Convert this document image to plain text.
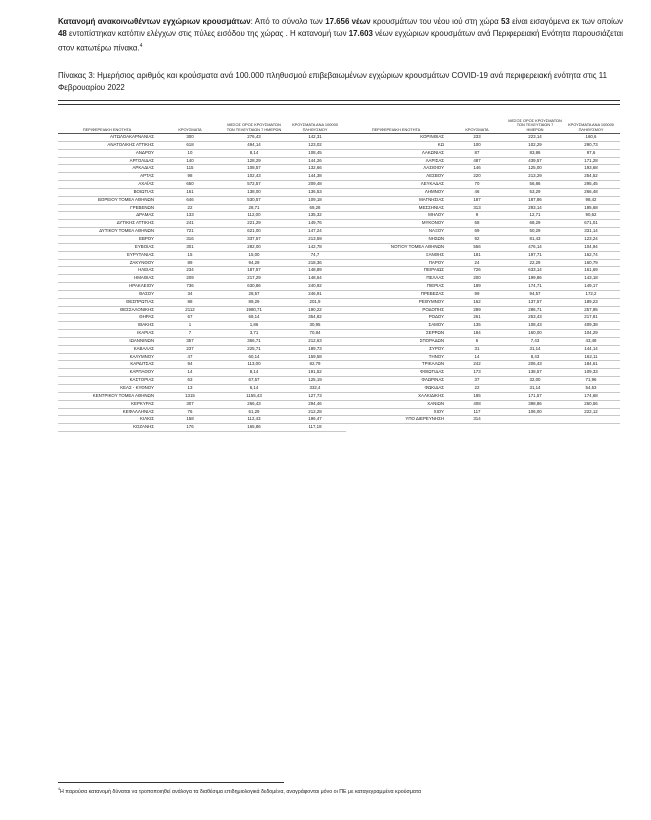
Κατανομή ανακοινωθέντων εγχώριων κρουσμάτων: Από το σύνολο των 17.656 νέων κρουσμάτων του νέου ιού στη χώρα 53 είναι εισαγόμενα εκ των οποίων 48 εντοπίστηκαν κατόπιν ελέγχων στις πύλες εισόδου της χώρας . Η κατανομή των 17.603 νέων εγχώριων κρουσμάτων ανά Περιφερειακή Ενότητα παρουσιάζεται στον κατωτέρω πίνακα.$^4$
Πίνακας 3: Ημερήσιος αριθμός και κρούσματα ανά 100.000 πληθυσμού επιβεβαιωμένων εγχώριων κρουσμάτων COVID-19 ανά περιφερειακή ενότητα στις 11 Φεβρουαρίου 2022
ΠΕΡΙΦΕΡΕΙΑΚΗ ΕΝΟΤΗΤΑ	ΚΡΟΥΣΜΑΤΑ	ΜΕΣΟΣ ΟΡΟΣ ΚΡΟΥΣΜΑΤΩΝ ΤΩΝ ΤΕΛΕΥΤΑΙΩΝ 7 ΗΜΕΡΩΝ	ΚΡΟΥΣΜΑΤΑ ΑΝΑ 100000 ΠΛΗΘΥΣΜΟΥ	ΠΕΡΙΦΕΡΕΙΑΚΗ ΕΝΟΤΗΤΑ	ΚΡΟΥΣΜΑΤΑ	ΜΕΣΟΣ ΟΡΟΣ ΚΡΟΥΣΜΑΤΩΝ ΤΩΝ ΤΕΛΕΥΤΑΙΩΝ 7 ΗΜΕΡΩΝ	ΚΡΟΥΣΜΑΤΑ ΑΝΑ 100000 ΠΛΗΘΥΣΜΟΥ
ΑΙΤΩΛΟΑΚΑΡΝΑΝΙΑΣ	300	276,43	142,31	ΚΟΡΙΝΘΙΑΣ	233	223,14	160,6
ΑΝΑΤΟΛΙΚΗΣ ΑΤΤΙΚΗΣ	618	494,14	123,02	ΚΩ	100	102,29	290,73
ΑΝΔΡΟΥ	10	8,14	108,45	ΛΑΚΩΝΙΑΣ	87	83,86	97,6
ΑΡΓΟΛΙΔΑΣ	140	128,29	144,26	ΛΑΡΙΣΑΣ	487	439,57	171,28
ΑΡΚΑΔΙΑΣ	115	108,57	132,66	ΛΑΣΙΘΙΟΥ	146	125,00	193,68
ΑΡΤΑΣ	98	102,43	144,38	ΛΕΣΒΟΥ	220	213,29	254,52
ΑΧΑΪΑΣ	650	572,57	209,48	ΛΕΥΚΑΔΑΣ	70	56,86	295,45
ΒΟΙΩΤΙΑΣ	161	138,00	136,53	ΛΗΜΝΟΥ	46	53,29	266,48
ΒΟΡΕΙΟΥ ΤΟΜΕΑ ΑΘΗΝΩΝ	646	530,57	109,18	ΜΑΓΝΗΣΙΑΣ	187	187,86	98,42
ΓΡΕΒΕΝΩΝ	22	28,71	69,28	ΜΕΣΣΗΝΙΑΣ	313	293,14	195,68
ΔΡΑΜΑΣ	133	112,00	135,32	ΜΗΛΟΥ	9	12,71	90,62
ΔΥΤΙΚΗΣ ΑΤΤΙΚΗΣ	241	221,29	149,76	ΜΥΚΟΝΟΥ	68	68,29	671,01
ΔΥΤΙΚΟΥ ΤΟΜΕΑ ΑΘΗΝΩΝ	721	621,00	147,24	ΝΑΞΟΥ	69	50,29	331,14
ΕΒΡΟΥ	316	337,57	213,59	ΝΗΣΩΝ	92	81,43	123,24
ΕΥΒΟΙΑΣ	301	282,00	142,78	ΝΟΤΙΟΥ ΤΟΜΕΑ ΑΘΗΝΩΝ	556	476,14	104,94
ΕΥΡΥΤΑΝΙΑΣ	15	15,00	74,7	ΞΑΝΘΗΣ	181	197,71	162,74
ΖΑΚΥΝΘΟΥ	89	94,29	218,36	ΠΑΡΟΥ	24	22,29	160,79
ΗΛΕΙΑΣ	234	187,57	148,89	ΠΕΙΡΑΙΩΣ	726	633,14	161,69
ΗΜΑΘΙΑΣ	209	217,29	148,64	ΠΕΛΛΑΣ	200	199,86	143,18
ΗΡΑΚΛΕΙΟΥ	736	630,86	240,92	ΠΙΕΡΙΑΣ	189	174,71	149,17
ΘΑΣΟΥ	34	28,57	246,91	ΠΡΕΒΕΖΑΣ	99	94,57	172,2
ΘΕΣΠΡΩΤΙΑΣ	88	89,29	201,9	ΡΕΘΥΜΝΟΥ	162	137,57	189,23
ΘΕΣΣΑΛΟΝΙΚΗΣ	2112	1980,71	190,22	ΡΟΔΟΠΗΣ	289	286,71	257,95
ΘΗΡΑΣ	67	69,14	354,82	ΡΟΔΟΥ	261	253,43	217,81
ΙΘΑΚΗΣ	1	1,86	30,95	ΣΑΜΟΥ	135	108,43	409,38
ΙΚΑΡΙΑΣ	7	3,71	70,84	ΣΕΡΡΩΝ	184	160,00	104,29
ΙΩΑΝΝΙΝΩΝ	357	366,71	212,63	ΣΠΟΡΑΔΩΝ	6	7,43	43,48
ΚΑΒΑΛΑΣ	237	225,71	189,73	ΣΥΡΟΥ	31	31,14	144,14
ΚΑΛΥΜΝΟΥ	47	60,14	159,58	ΤΗΝΟΥ	14	8,43	162,11
ΚΑΡΔΙΤΣΑΣ	94	113,00	82,79	ΤΡΙΚΑΛΩΝ	242	206,43	184,61
ΚΑΡΠΑΘΟΥ	14	8,14	191,52	ΦΘΙΩΤΙΔΑΣ	173	138,57	109,33
ΚΑΣΤΟΡΙΑΣ	63	67,57	125,19	ΦΛΩΡΙΝΑΣ	37	32,00	71,96
ΚΕΑΣ - ΚΥΘΝΟΥ	13	6,14	332,4	ΦΩΚΙΔΑΣ	22	31,14	54,53
ΚΕΝΤΡΙΚΟΥ ΤΟΜΕΑ ΑΘΗΝΩΝ	1315	1155,43	127,73	ΧΑΛΚΙΔΙΚΗΣ	185	171,57	174,68
ΚΕΡΚΥΡΑΣ	307	266,43	294,46	ΧΑΝΙΩΝ	408	398,86	260,56
ΚΕΦΑΛΛΗΝΙΑΣ	76	61,29	212,28	ΧΙΟΥ	117	106,00	222,12
ΚΙΛΚΙΣ	158	112,43	196,47	ΥΠΟ ΔΙΕΡΕΥΝΗΣΗ	314		
ΚΟΖΑΝΗΣ	176	165,86	117,18				
$^4$Η παρούσα κατανομή δύναται να τροποποιηθεί ανάλογα τα διαθέσιμα επιδημιολογικά δεδομένα, αναγράφονται μόνο οι ΠΕ με καταγεγραμμένα κρούσματα
